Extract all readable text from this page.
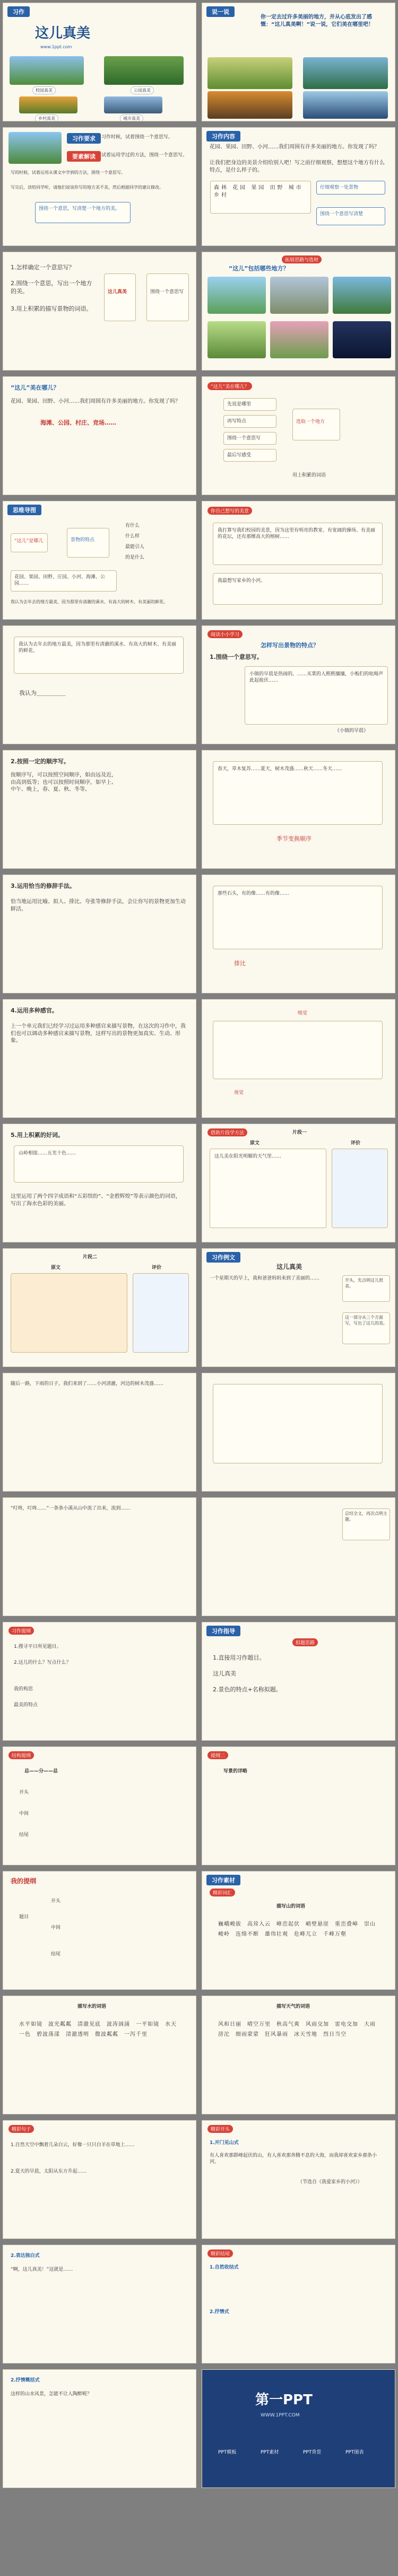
习作
这儿真美
www.1ppt.com
校园真美	公园真美
乡村真美	城市真美
说一说
你一定去过许多美丽的地方，并从心底发出了感慨：“这儿真美啊！”说一说，它们美在哪里吧！
习作要求	习作时候，试着围绕一个意思写。
要素解读	试着运用学过的方法，围绕一个意思写。
写的时候，试着运用从课文中学到的方法，围绕一个意思写。
写完后，读给同学听，请他们说说你写的地方美不美，然后根据同学的建议修改。
围绕一个意思，写清楚一个地方的美。
习作内容
花园、果园、田野、小河……我们周围有许多美丽的地方。你发现了吗？
让我们把身边的美景介绍给别人吧！写之前仔细观察，想想这个地方有什么特点，是什么样子的。
森林 花园 果园 田野 城市 乡村
仔细观察一处景物
围绕一个意思写清楚
1.怎样确定一个意思写？
2.围绕一个意思，写出一个地方的美。
3.用上积累的描写景物的词语。
这儿真美	围绕一个意思写
拓展思路与选材
“这儿”包括哪些地方？
“这儿”美在哪儿？
花园、果园、田野、小河……我们周围有许多美丽的地方。你发现了吗？
海滩、公园、村庄、竞场……
“这儿”美在哪儿？
先说是哪里
再写特点
围绕一个意思写
最后写感受
选取一个地方
用上积累的词语
思维导图
“这儿”是哪儿	景物的特点
有什么
什么样
最能引人
的是什么
花园、果园、田野、庄园、小河、海滩、公园……
我认为去年去的地方最美，因为那里有清澈的溪水、有高大的树木、有美丽的鲜花。
你自己想写的美景
我打算写我们校园的美景，因为这里有明亮的教室、有宽阔的操场、有美丽的花坛，还有那棵高大的榕树……
我最想写家乡的小河。
我认为去年去的地方最美，因为那里有清澈的溪水、有高大的树木、有美丽的鲜花。
我认为＿＿＿＿＿
阅读小小学习
怎样写出景物的特点？
1.围绕一个意思写。
小镇的早晨是热闹的。……买菜的人熙熙攘攘，小贩们的吆喝声此起彼伏……
《小镇的早晨》
2.按照一定的顺序写。
按顺序写，可以按照空间顺序，如由远及近，由高到低等；也可以按照时间顺序，如早上、中午、晚上，春、夏、秋、冬等。
春天，草木复苏……夏天，树木茂盛……秋天……冬天……
季节变换顺序
3.运用恰当的修辞手法。
恰当地运用比喻、拟人、排比、夸张等修辞手法，会让你写的景物更加生动鲜活。
那些石头，有的像……有的像……
排比
4.运用多种感官。
上一个单元我们已经学习过运用多种感官来描写景物，在这次的习作中，我们也可以调动多种感官来描写景物，这样写出的景物更加真实、生动、形象。
嗅觉
视觉
5.用上积累的好词。
山岭相接……五光十色……
这里运用了两个四字成语和“五彩缤纷”、“金碧辉煌”等表示颜色的词语，写出了海水色彩的美丽。
借助片段学方法	片段一
原文	评价
这儿美在阳光明媚的天气里……
片段二
原文	评价
习作例文
这儿真美
一个星期天的早上，我和爸爸妈妈来到了美丽的……	开头，先点明这儿很美。
这一部分从三个方面写，写出了这儿的美。
随后一路，下雨的日子，我们来到了……小河清澈，河边的树木茂盛……
“叮咚，叮咚……”一条条小溪从山中流了出来，流到……
总结全文，再次点明主题。
习作提纲
1.搜寻平日所见题目。
2.这儿的什么？写点什么？
我的构思
最美的特点
习作指导
拟题思路
1.直接用习作题目。
这儿真美
2.景色的特点+名称拟题。
结构提纲
总——分——总
开头
中间
结尾
提纲二
写景的详略
我的提纲
题目
开头
中间
结尾
习作素材
精彩词汇
描写山的词语
巍峨峻拔　 高耸入云　 峰峦起伏　 峭壁悬崖　 重峦叠嶂　 崇山峻岭　 连绵不断　 雄伟壮观　 危峰兀立　 千峰万壑
描写水的词语
水平如镜　 波光粼粼　 清澈见底　 波涛汹涌　 一平如镜　 水天一色　 碧波荡漾　 清澈透明　 微波粼粼　 一泻千里
描写天气的词语
风和日丽　 晴空万里　 秋高气爽　 风雨交加　 雷电交加　 大雨滂沱　 细雨蒙蒙　 狂风暴雨　 冰天雪地　 烈日当空
精彩句子
1.自然天空中飘着几朵白云，好像一只只白羊在草地上……
2.夏天的早晨，太阳从东方升起……
精彩开头
1.开门见山式
有人喜欢那群峰起伏的山，有人喜欢那奔腾不息的大海，而我却喜欢家乡那条小河。
（节选自《我爱家乡的小河》）
2.表达独白式
“啊，这儿真美！”这就是……
精彩结尾
1.自然收结式
2.抒情式
2.抒情概括式
这样的山水风景，怎能不让人陶醉呢？	第一PPT
WWW.1PPT.COM
PPT模板	PPT素材	PPT背景	PPT图表
